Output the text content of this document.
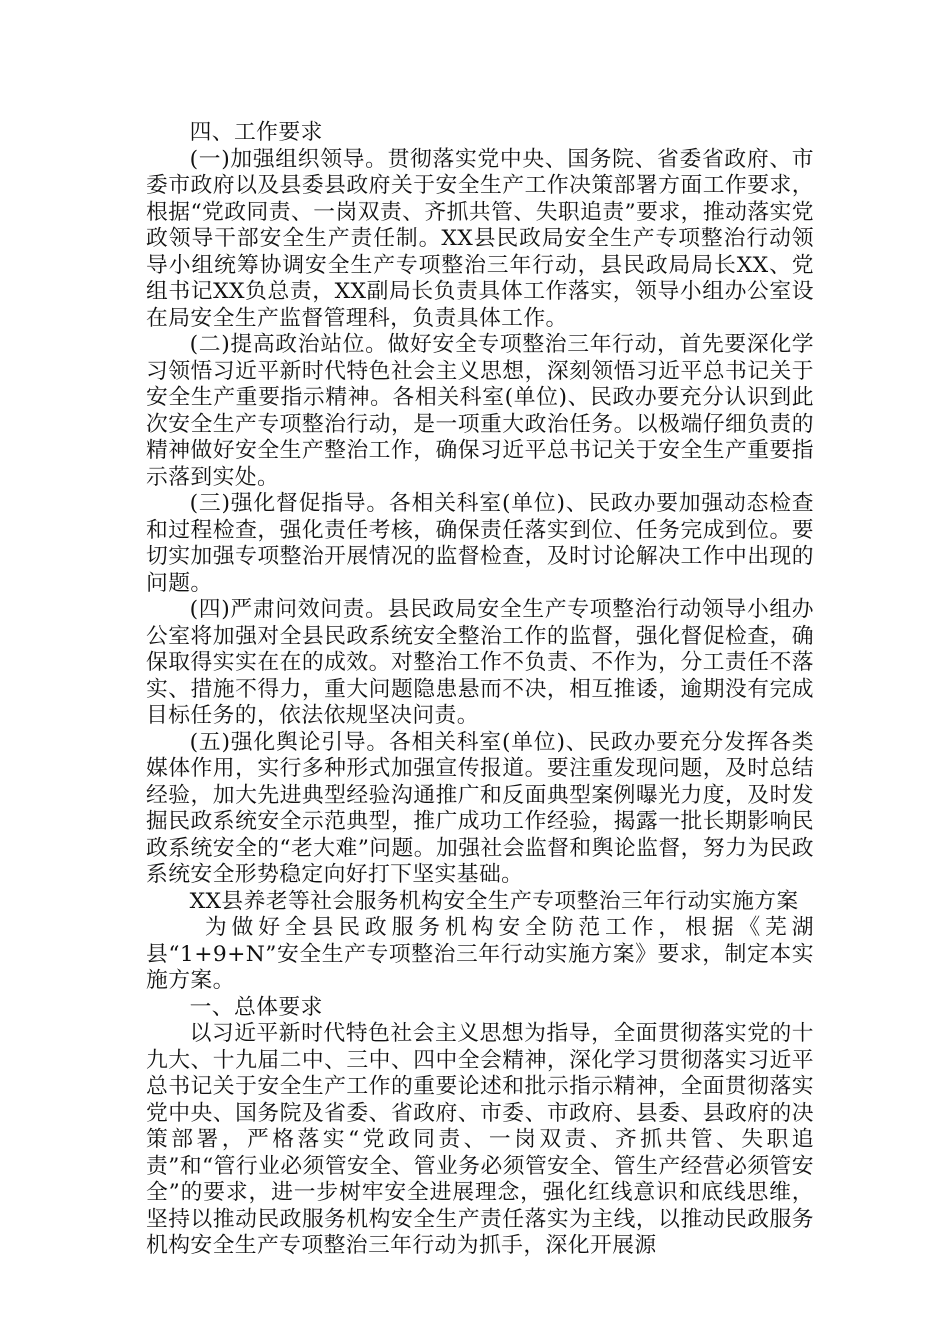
四、工作要求

(一)加强组织领导。贯彻落实党中央、国务院、省委省政府、市委市政府以及县委县政府关于安全生产工作决策部署方面工作要求，根据“党政同责、一岗双责、齐抓共管、失职追责”要求，推动落实党政领导干部安全生产责任制。XX县民政局安全生产专项整治行动领导小组统筹协调安全生产专项整治三年行动，县民政局局长XX、党组书记XX负总责，XX副局长负责具体工作落实，领导小组办公室设在局安全生产监督管理科，负责具体工作。

(二)提高政治站位。做好安全专项整治三年行动，首先要深化学习领悟习近平新时代特色社会主义思想，深刻领悟习近平总书记关于安全生产重要指示精神。各相关科室(单位)、民政办要充分认识到此次安全生产专项整治行动，是一项重大政治任务。以极端仔细负责的精神做好安全生产整治工作，确保习近平总书记关于安全生产重要指示落到实处。

(三)强化督促指导。各相关科室(单位)、民政办要加强动态检查和过程检查，强化责任考核，确保责任落实到位、任务完成到位。要切实加强专项整治开展情况的监督检查，及时讨论解决工作中出现的问题。

(四)严肃问效问责。县民政局安全生产专项整治行动领导小组办公室将加强对全县民政系统安全整治工作的监督，强化督促检查，确保取得实实在在的成效。对整治工作不负责、不作为，分工责任不落实、措施不得力，重大问题隐患悬而不决，相互推诿，逾期没有完成目标任务的，依法依规坚决问责。

(五)强化舆论引导。各相关科室(单位)、民政办要充分发挥各类媒体作用，实行多种形式加强宣传报道。要注重发现问题，及时总结经验，加大先进典型经验沟通推广和反面典型案例曝光力度，及时发掘民政系统安全示范典型，推广成功工作经验，揭露一批长期影响民政系统安全的“老大难”问题。加强社会监督和舆论监督，努力为民政系统安全形势稳定向好打下坚实基础。

XX县养老等社会服务机构安全生产专项整治三年行动实施方案

为做好全县民政服务机构安全防范工作，根据《芜湖县“1+9+N”安全生产专项整治三年行动实施方案》要求，制定本实施方案。

一、总体要求

以习近平新时代特色社会主义思想为指导，全面贯彻落实党的十九大、十九届二中、三中、四中全会精神，深化学习贯彻落实习近平总书记关于安全生产工作的重要论述和批示指示精神，全面贯彻落实党中央、国务院及省委、省政府、市委、市政府、县委、县政府的决策部署，严格落实“党政同责、一岗双责、齐抓共管、失职追责”和“管行业必须管安全、管业务必须管安全、管生产经营必须管安全”的要求，进一步树牢安全进展理念，强化红线意识和底线思维，坚持以推动民政服务机构安全生产责任落实为主线，以推动民政服务机构安全生产专项整治三年行动为抓手，深化开展源
